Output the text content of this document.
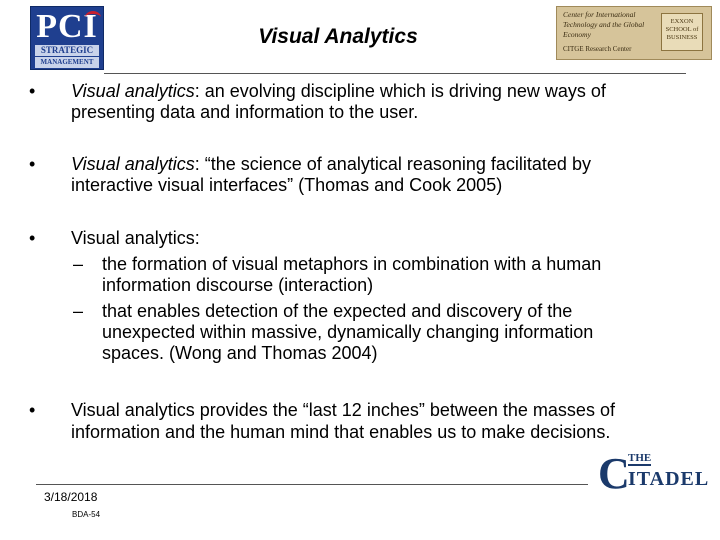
PCI
STRATEGIC
MANAGEMENT
Visual Analytics
Center for International Technology and the Global Economy
CITGE Research Center
EXXON SCHOOL of BUSINESS
• Visual analytics: an evolving discipline which is driving new ways of
presenting data and information to the user.
• Visual analytics: “the science of analytical reasoning facilitated by
interactive visual interfaces” (Thomas and Cook 2005)
• Visual analytics:
– the formation of visual metaphors in combination with a human
information discourse (interaction)
– that enables detection of the expected and discovery of the
unexpected within massive, dynamically changing information
spaces. (Wong and Thomas 2004)
• Visual analytics provides the “last 12 inches” between the masses of
information and the human mind that enables us to make decisions.
3/18/2018
BDA-54
C
THE
ITADEL
